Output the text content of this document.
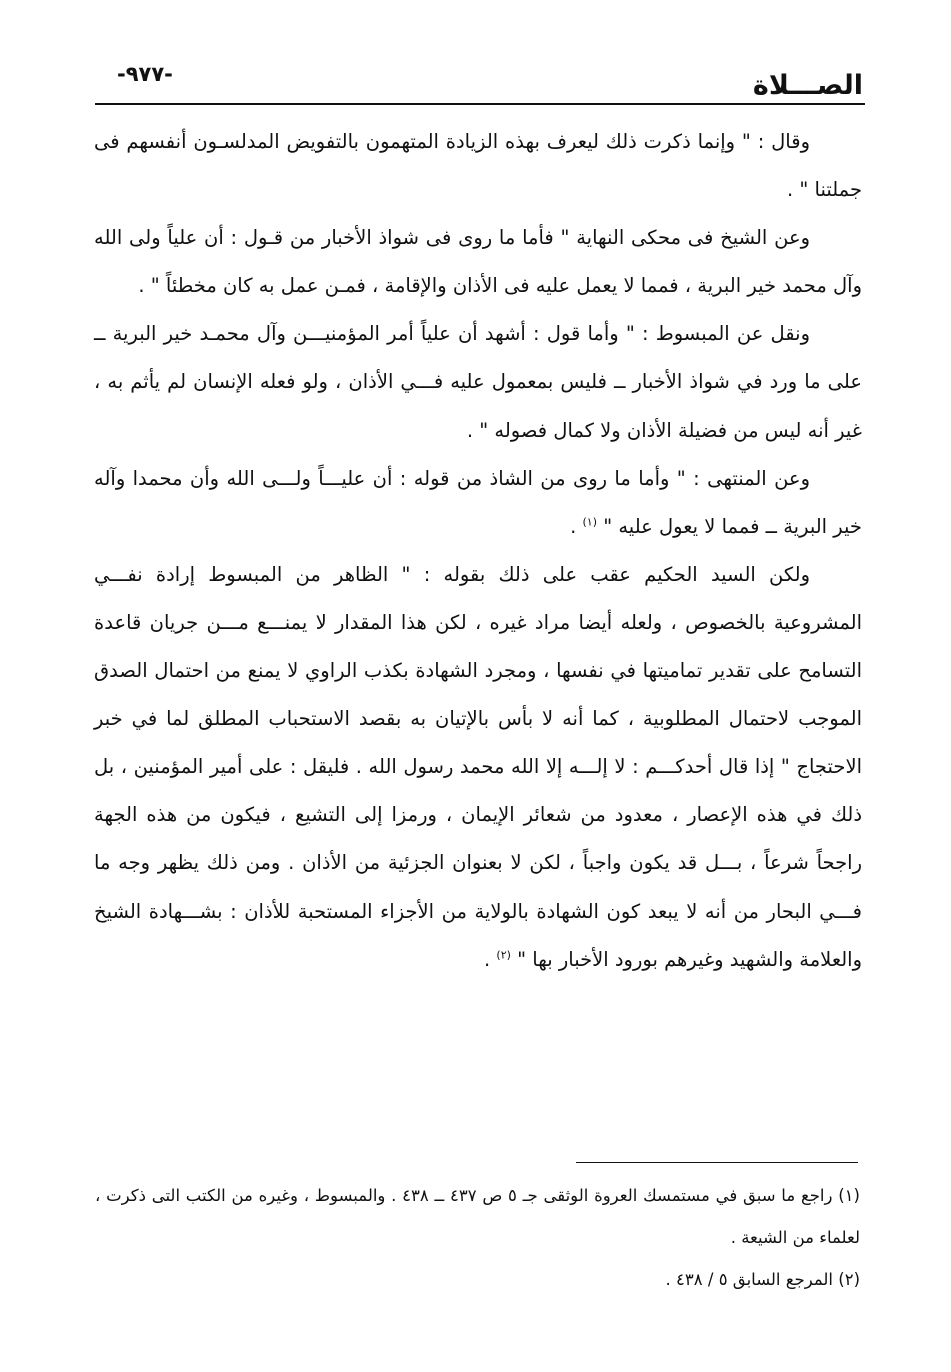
-٩٧٧-	الصـــلاة

وقال : " وإنما ذكرت ذلك ليعرف بهذه الزيادة المتهمون بالتفويض المدلسـون أنفسهم فى جملتنا " .

وعن الشيخ فى محكى النهاية " فأما ما روى فى شواذ الأخبار من قـول : أن علياً ولى الله وآل محمد خير البرية ، فمما لا يعمل عليه فى الأذان والإقامة ، فمـن عمل به كان مخطئاً " .

ونقل عن المبسوط : " وأما قول : أشهد أن علياً أمر المؤمنيـــن وآل محمـد خير البرية ــ على ما ورد في شواذ الأخبار ــ فليس بمعمول عليه فـــي الأذان ، ولو فعله الإنسان لم يأثم به ، غير أنه ليس من فضيلة الأذان ولا كمال فصوله " .

وعن المنتهى : " وأما ما روى من الشاذ من قوله : أن عليـــاً ولـــى الله وأن محمدا وآله خير البرية ــ فمما لا يعول عليه " $^{(١)}$ .

ولكن السيد الحكيم عقب على ذلك بقوله : " الظاهر من المبسوط إرادة نفـــي المشروعية بالخصوص ، ولعله أيضا مراد غيره ، لكن هذا المقدار لا يمنـــع مـــن جريان قاعدة التسامح على تقدير تماميتها في نفسها ، ومجرد الشهادة بكذب الراوي لا يمنع من احتمال الصدق الموجب لاحتمال المطلوبية ، كما أنه لا بأس بالإتيان به بقصد الاستحباب المطلق لما في خبر الاحتجاج " إذا قال أحدكـــم : لا إلـــه إلا الله محمد رسول الله . فليقل : على أمير المؤمنين ، بل ذلك في هذه الإعصار ، معدود من شعائر الإيمان ، ورمزا إلى التشيع ، فيكون من هذه الجهة راجحاً شرعاً ، بـــل قد يكون واجباً ، لكن لا بعنوان الجزئية من الأذان . ومن ذلك يظهر وجه ما فـــي البحار من أنه لا يبعد كون الشهادة بالولاية من الأجزاء المستحبة للأذان : بشـــهادة الشيخ والعلامة والشهيد وغيرهم بورود الأخبار بها " $^{(٢)}$ .

(١) راجع ما سبق في مستمسك العروة الوثقى جـ ٥ ص ٤٣٧ ــ ٤٣٨ . والمبسوط ، وغيره من الكتب التى ذكرت ، لعلماء من الشيعة .

(٢) المرجع السابق ٥ / ٤٣٨ .
